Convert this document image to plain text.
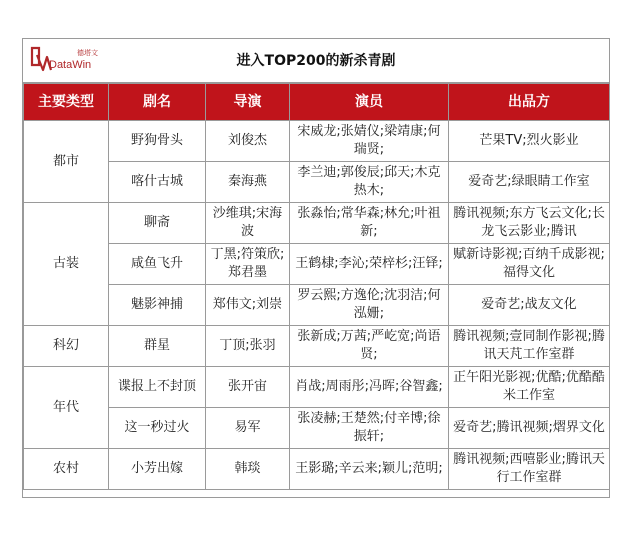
德塔文
DataWin	进入TOP200的新杀青剧
主要类型	剧名	导演	演员	出品方
都市	野狗骨头	刘俊杰	宋威龙;张婧仪;梁靖康;何瑞贤;	芒果TV;烈火影业
	喀什古城	秦海燕	李兰迪;郭俊辰;邱天;木克热木;	爱奇艺;绿眼睛工作室
古装	聊斋	沙维琪;宋海波	张淼怡;常华森;林允;叶祖新;	腾讯视频;东方飞云文化;长龙飞云影业;腾讯
	咸鱼飞升	丁黑;符策欣;郑君墨	王鹤棣;李沁;荣梓杉;汪铎;	赋新诗影视;百纳千成影视;福得文化
	魅影神捕	郑伟文;刘崇	罗云熙;方逸伦;沈羽洁;何泓姗;	爱奇艺;战友文化
科幻	群星	丁顶;张羽	张新成;万茜;严屹宽;尚语贤;	腾讯视频;壹同制作影视;腾讯天芃工作室群
年代	谍报上不封顶	张开宙	肖战;周雨彤;冯晖;谷智鑫;	正午阳光影视;优酷;优酷酷米工作室
	这一秒过火	易军	张凌赫;王楚然;付辛博;徐振轩;	爱奇艺;腾讯视频;熠界文化
农村	小芳出嫁	韩琰	王影璐;辛云来;颖儿;范明;	腾讯视频;西嘻影业;腾讯天行工作室群
